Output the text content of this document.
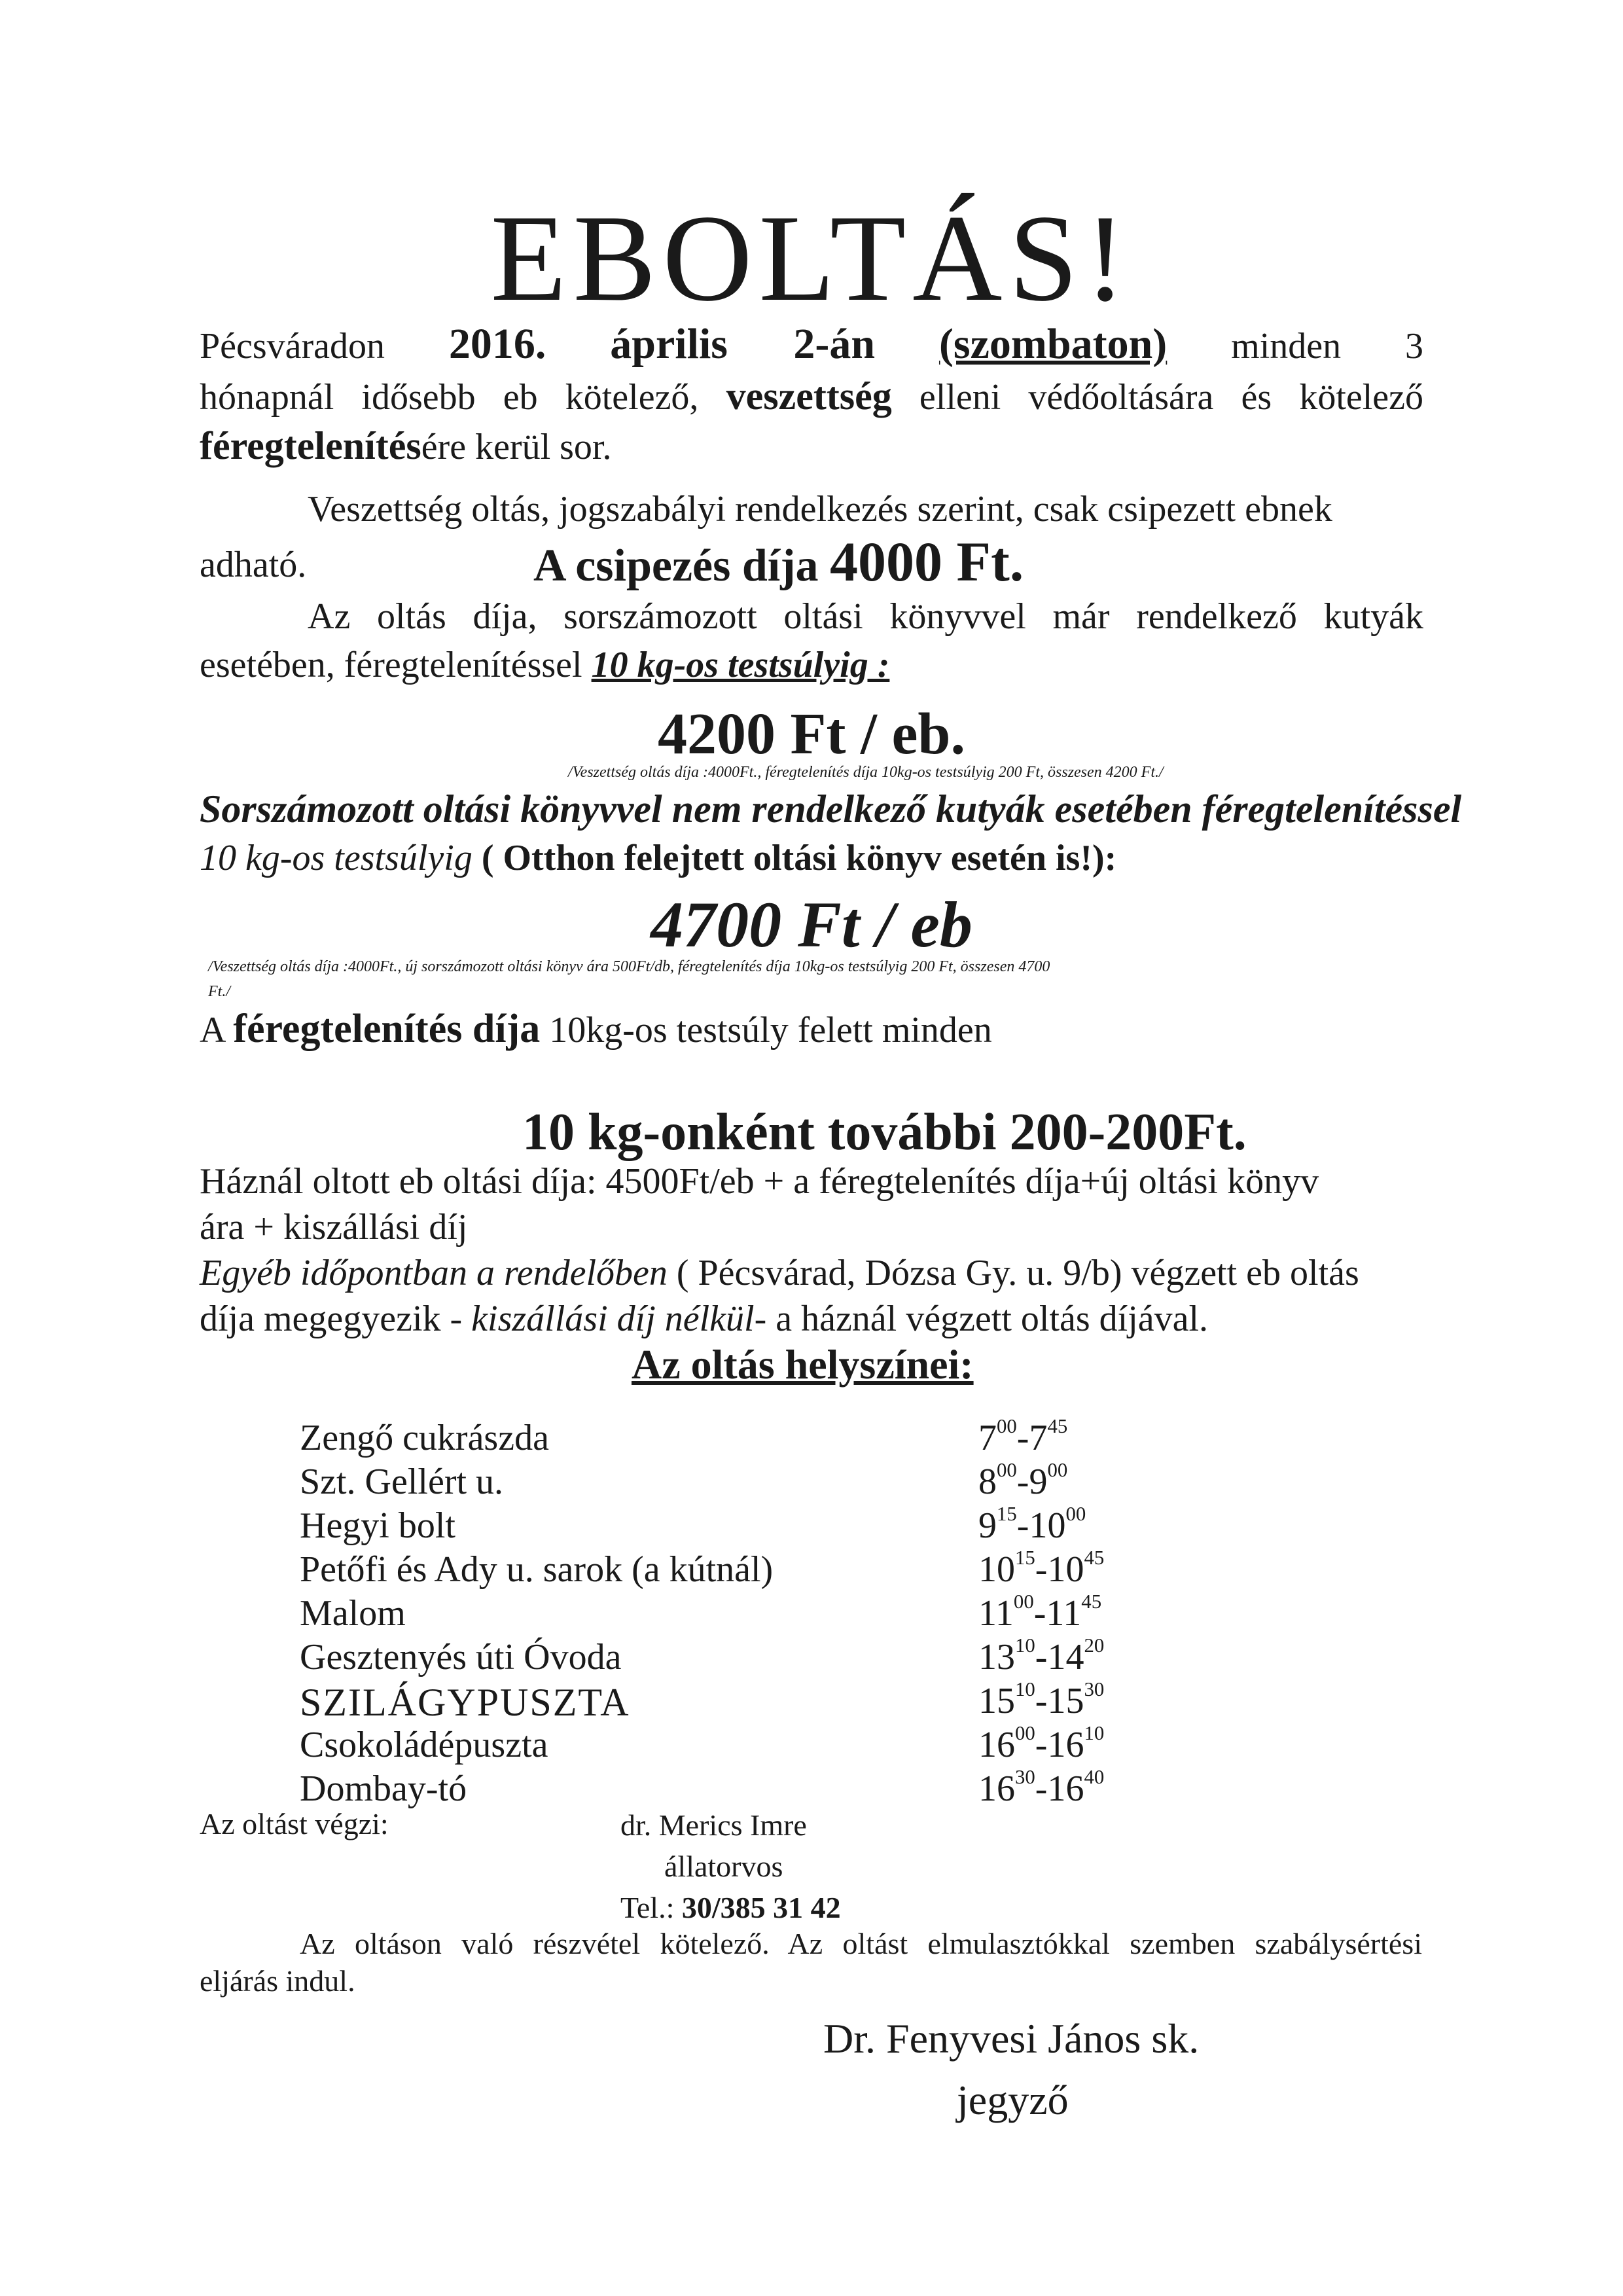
EBOLTÁS!
Pécsváradon 2016. április 2-án (szombaton) minden 3
hónapnál idősebb eb kötelező, veszettség elleni védőoltására és kötelező
féregtelenítésére kerül sor.
Veszettség oltás, jogszabályi rendelkezés szerint, csak csipezett ebnek
adható.	A csipezés díja 4000 Ft.
Az oltás díja, sorszámozott oltási könyvvel már rendelkező kutyák
esetében, féregtelenítéssel 10 kg-os testsúlyig :
4200 Ft / eb.
/Veszettség oltás díja :4000Ft., féregtelenítés díja 10kg-os testsúlyig 200 Ft, összesen 4200 Ft./
Sorszámozott oltási könyvvel nem rendelkező kutyák esetében féregtelenítéssel
10 kg-os testsúlyig ( Otthon felejtett oltási könyv esetén is!):
4700 Ft / eb
/Veszettség oltás díja :4000Ft., új sorszámozott oltási könyv ára 500Ft/db, féregtelenítés díja 10kg-os testsúlyig 200 Ft, összesen 4700
Ft./
A féregtelenítés díja 10kg-os testsúly felett minden
10 kg-onként további 200-200Ft.
Háznál oltott eb oltási díja: 4500Ft/eb + a féregtelenítés díja+új oltási könyv
ára + kiszállási díj
Egyéb időpontban a rendelőben ( Pécsvárad, Dózsa Gy. u. 9/b) végzett eb oltás
díja megegyezik - kiszállási díj nélkül- a háznál végzett oltás díjával.
Az oltás helyszínei:
Zengő cukrászda	$7^{00}-7^{45}$
Szt. Gellért u.	$8^{00}-9^{00}$
Hegyi bolt	$9^{15}-10^{00}$
Petőfi és Ady u. sarok (a kútnál)	$10^{15}-10^{45}$
Malom	$11^{00}-11^{45}$
Gesztenyés úti Óvoda	$13^{10}-14^{20}$
SZILÁGYPUSZTA	$15^{10}-15^{30}$
Csokoládépuszta	$16^{00}-16^{10}$
Dombay-tó	$16^{30}-16^{40}$
Az oltást végzi:	dr. Merics Imre
állatorvos
Tel.: 30/385 31 42
Az oltáson való részvétel kötelező. Az oltást elmulasztókkal szemben szabálysértési
eljárás indul.
Dr. Fenyvesi János sk.
jegyző
